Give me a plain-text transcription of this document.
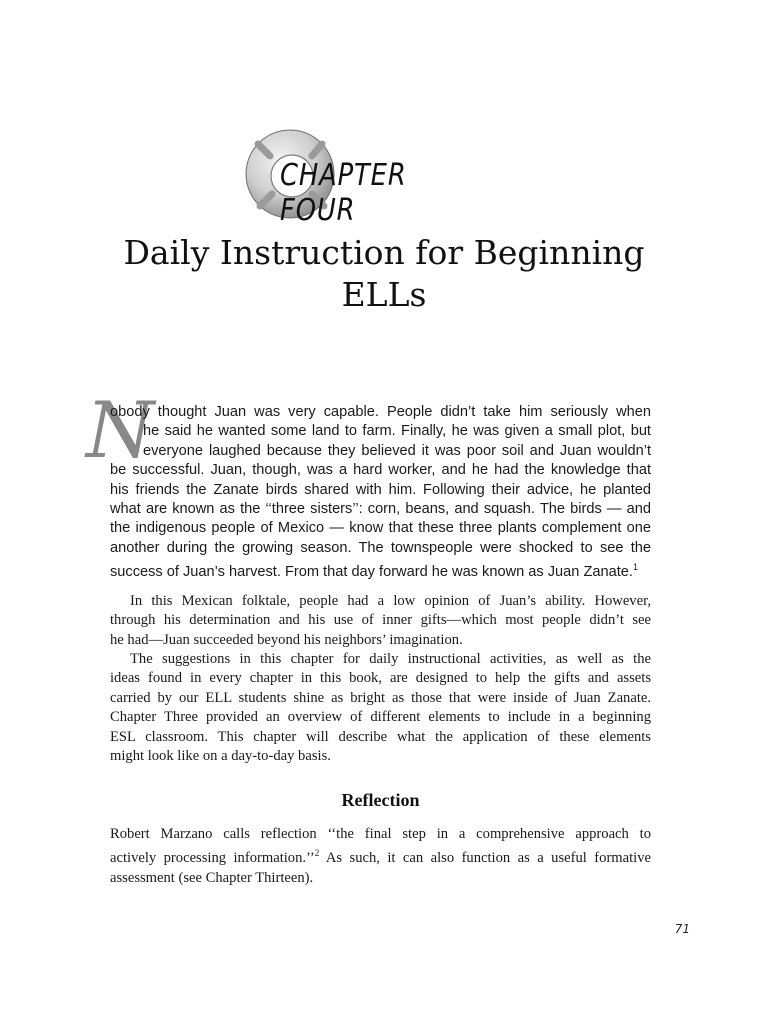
CHAPTER FOUR
Daily Instruction for Beginning ELLs
N
obody thought Juan was very capable. People didn’t take him seriously when
he said he wanted some land to farm. Finally, he was given a small plot, but
everyone laughed because they believed it was poor soil and Juan wouldn’t
be successful. Juan, though, was a hard worker, and he had the knowledge that
his friends the Zanate birds shared with him. Following their advice, he planted
what are known as the ‘‘three sisters’’: corn, beans, and squash. The birds — and
the indigenous people of Mexico — know that these three plants complement one
another during the growing season. The townspeople were shocked to see the
success of Juan’s harvest. From that day forward he was known as Juan Zanate.$^1$
In this Mexican folktale, people had a low opinion of Juan’s ability. However,
through his determination and his use of inner gifts—which most people didn’t see
he had—Juan succeeded beyond his neighbors’ imagination.
The suggestions in this chapter for daily instructional activities, as well as the
ideas found in every chapter in this book, are designed to help the gifts and assets
carried by our ELL students shine as bright as those that were inside of Juan Zanate.
Chapter Three provided an overview of different elements to include in a beginning
ESL classroom. This chapter will describe what the application of these elements
might look like on a day-to-day basis.
Reflection
Robert Marzano calls reflection ‘‘the final step in a comprehensive approach to
actively processing information.’’$^2$ As such, it can also function as a useful formative
assessment (see Chapter Thirteen).
71
